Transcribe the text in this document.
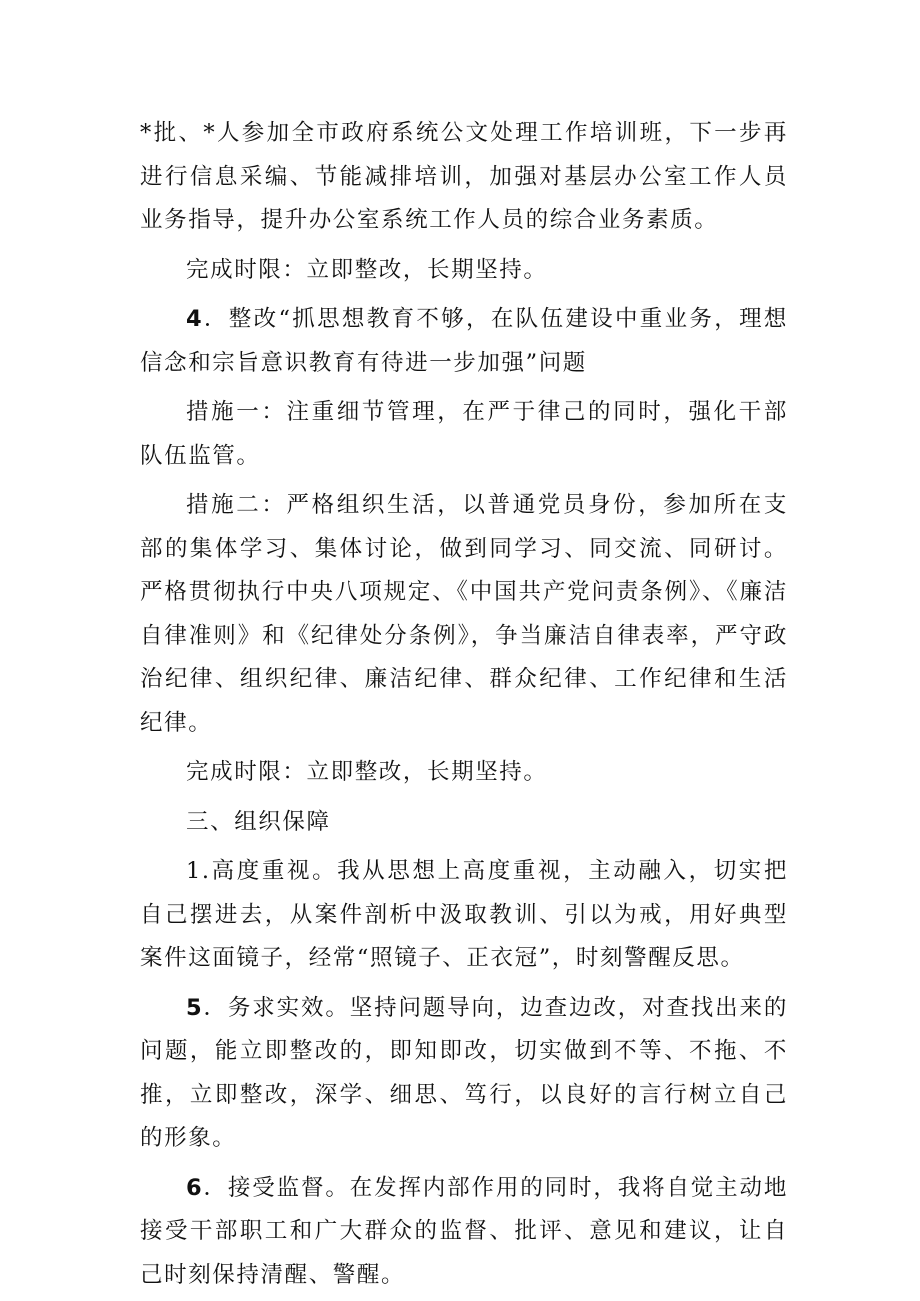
*批、*人参加全市政府系统公文处理工作培训班，下一步再进行信息采编、节能减排培训，加强对基层办公室工作人员业务指导，提升办公室系统工作人员的综合业务素质。

完成时限：立即整改，长期坚持。

4．整改“抓思想教育不够，在队伍建设中重业务，理想信念和宗旨意识教育有待进一步加强”问题

措施一：注重细节管理，在严于律己的同时，强化干部队伍监管。

措施二：严格组织生活，以普通党员身份，参加所在支部的集体学习、集体讨论，做到同学习、同交流、同研讨。严格贯彻执行中央八项规定、《中国共产党问责条例》、《廉洁自律准则》和《纪律处分条例》，争当廉洁自律表率，严守政治纪律、组织纪律、廉洁纪律、群众纪律、工作纪律和生活纪律。

完成时限：立即整改，长期坚持。

三、组织保障

1.高度重视。我从思想上高度重视，主动融入，切实把自己摆进去，从案件剖析中汲取教训、引以为戒，用好典型案件这面镜子，经常“照镜子、正衣冠”，时刻警醒反思。

5．务求实效。坚持问题导向，边查边改，对查找出来的问题，能立即整改的，即知即改，切实做到不等、不拖、不推，立即整改，深学、细思、笃行，以良好的言行树立自己的形象。

6．接受监督。在发挥内部作用的同时，我将自觉主动地接受干部职工和广大群众的监督、批评、意见和建议，让自己时刻保持清醒、警醒。
